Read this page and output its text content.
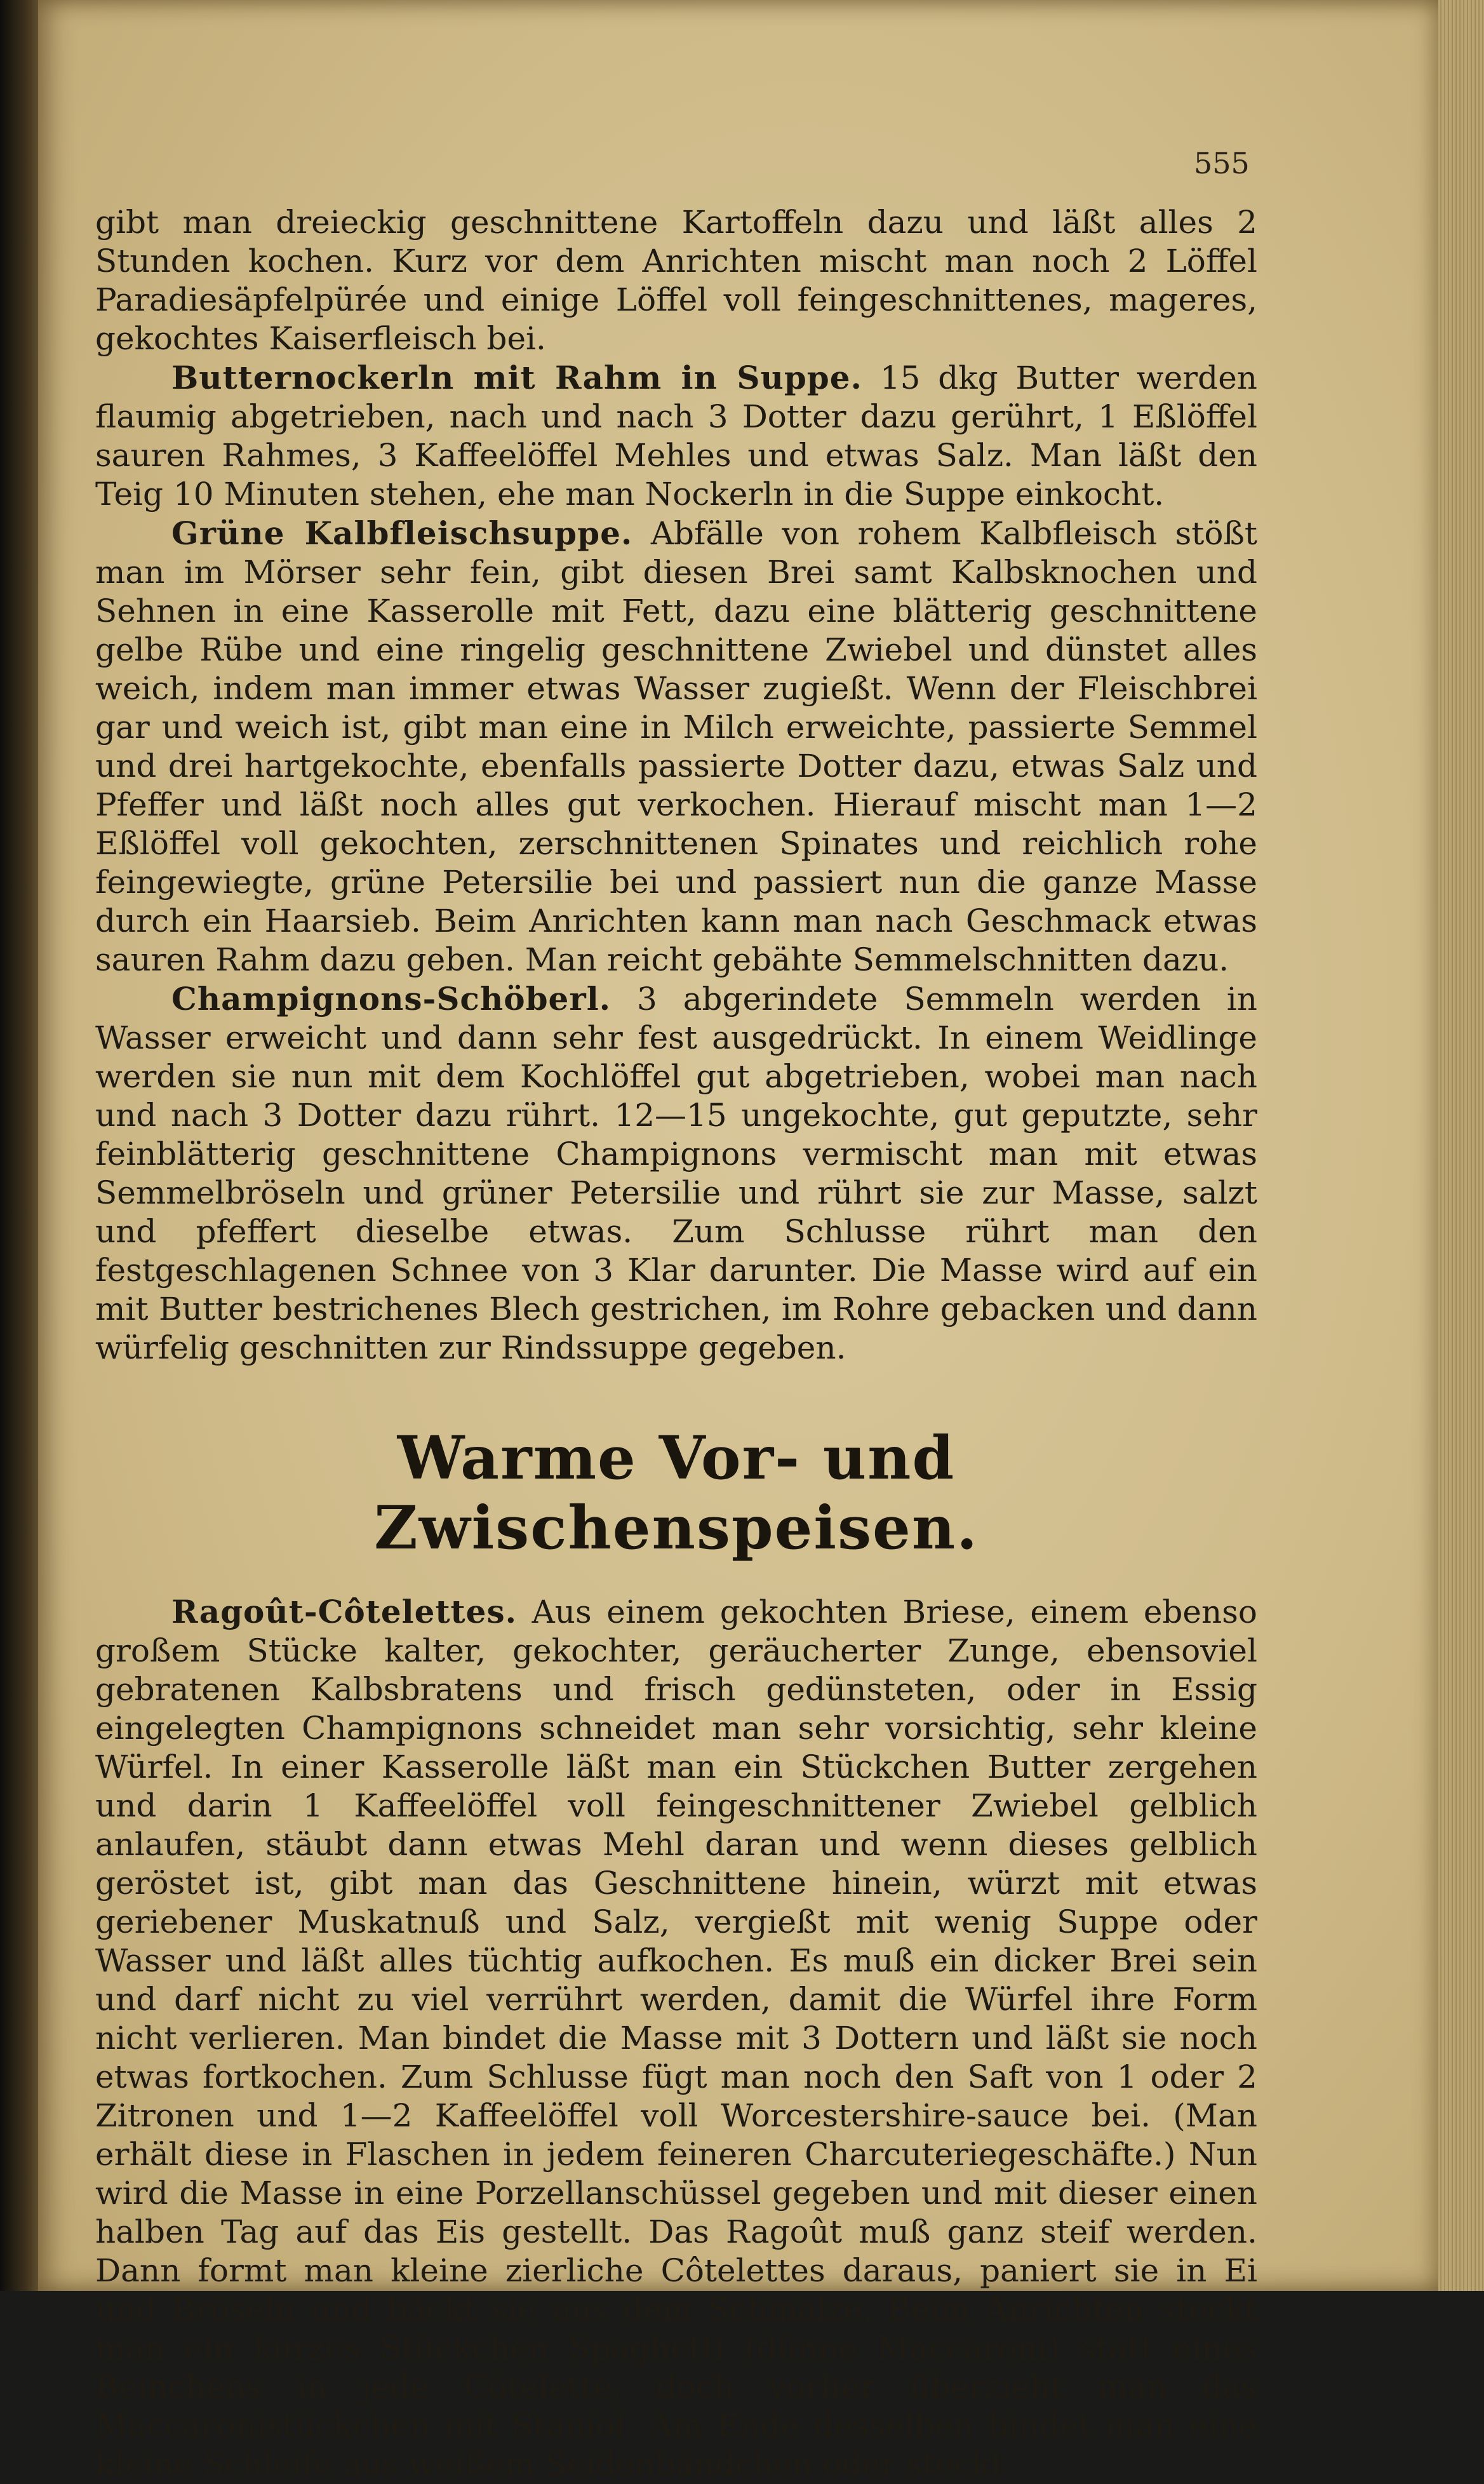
555

gibt man dreieckig geschnittene Kartoffeln dazu und läßt alles 2 Stunden kochen. Kurz vor dem Anrichten mischt man noch 2 Löffel Paradiesäpfelpürée und einige Löffel voll feingeschnittenes, mageres, gekochtes Kaiserfleisch bei.

Butternockerln mit Rahm in Suppe. 15 dkg Butter werden flaumig abgetrieben, nach und nach 3 Dotter dazu gerührt, 1 Eßlöffel sauren Rahmes, 3 Kaffeelöffel Mehles und etwas Salz. Man läßt den Teig 10 Minuten stehen, ehe man Nockerln in die Suppe einkocht.

Grüne Kalbfleischsuppe. Abfälle von rohem Kalbfleisch stößt man im Mörser sehr fein, gibt diesen Brei samt Kalbsknochen und Sehnen in eine Kasserolle mit Fett, dazu eine blätterig geschnittene gelbe Rübe und eine ringelig geschnittene Zwiebel und dünstet alles weich, indem man immer etwas Wasser zugießt. Wenn der Fleischbrei gar und weich ist, gibt man eine in Milch erweichte, passierte Semmel und drei hartgekochte, ebenfalls passierte Dotter dazu, etwas Salz und Pfeffer und läßt noch alles gut verkochen. Hierauf mischt man 1—2 Eßlöffel voll gekochten, zerschnittenen Spinates und reichlich rohe feingewiegte, grüne Petersilie bei und passiert nun die ganze Masse durch ein Haarsieb. Beim Anrichten kann man nach Geschmack etwas sauren Rahm dazu geben. Man reicht gebähte Semmelschnitten dazu.

Champignons-Schöberl. 3 abgerindete Semmeln werden in Wasser erweicht und dann sehr fest ausgedrückt. In einem Weidlinge werden sie nun mit dem Kochlöffel gut abgetrieben, wobei man nach und nach 3 Dotter dazu rührt. 12—15 ungekochte, gut geputzte, sehr feinblätterig geschnittene Champignons vermischt man mit etwas Semmelbröseln und grüner Petersilie und rührt sie zur Masse, salzt und pfeffert dieselbe etwas. Zum Schlusse rührt man den festgeschlagenen Schnee von 3 Klar darunter. Die Masse wird auf ein mit Butter bestrichenes Blech gestrichen, im Rohre gebacken und dann würfelig geschnitten zur Rindssuppe gegeben.

Warme Vor- und Zwischenspeisen.

Ragoût-Côtelettes. Aus einem gekochten Briese, einem ebenso großem Stücke kalter, gekochter, geräucherter Zunge, ebensoviel gebratenen Kalbsbratens und frisch gedünsteten, oder in Essig eingelegten Champignons schneidet man sehr vorsichtig, sehr kleine Würfel. In einer Kasserolle läßt man ein Stückchen Butter zergehen und darin 1 Kaffeelöffel voll feingeschnittener Zwiebel gelblich anlaufen, stäubt dann etwas Mehl daran und wenn dieses gelblich geröstet ist, gibt man das Geschnittene hinein, würzt mit etwas geriebener Muskatnuß und Salz, vergießt mit wenig Suppe oder Wasser und läßt alles tüchtig aufkochen. Es muß ein dicker Brei sein und darf nicht zu viel verrührt werden, damit die Würfel ihre Form nicht verlieren. Man bindet die Masse mit 3 Dottern und läßt sie noch etwas fortkochen. Zum Schlusse fügt man noch den Saft von 1 oder 2 Zitronen und 1—2 Kaffeelöffel voll Worcestershire-sauce bei. (Man erhält diese in Flaschen in jedem feineren Charcuteriegeschäfte.) Nun wird die Masse in eine Porzellanschüssel gegeben und mit dieser einen halben Tag auf das Eis gestellt. Das Ragoût muß ganz steif werden. Dann formt man kleine zierliche Côtelettes daraus, paniert sie in Ei und Bröseln und bäckt sie aus dem Schmalze. Beim Anrichten steckt man ein kurzes Stückchen Spaghetti (dünne Maccaroni) statt eines Beinchens in jede Côtelette, doch vorher überzieht man das Maccaronistückchen mit Staniol. Am Ende desselben bindet man eine kleine Schleife aus weißem Seidenbändchen oder steckt
